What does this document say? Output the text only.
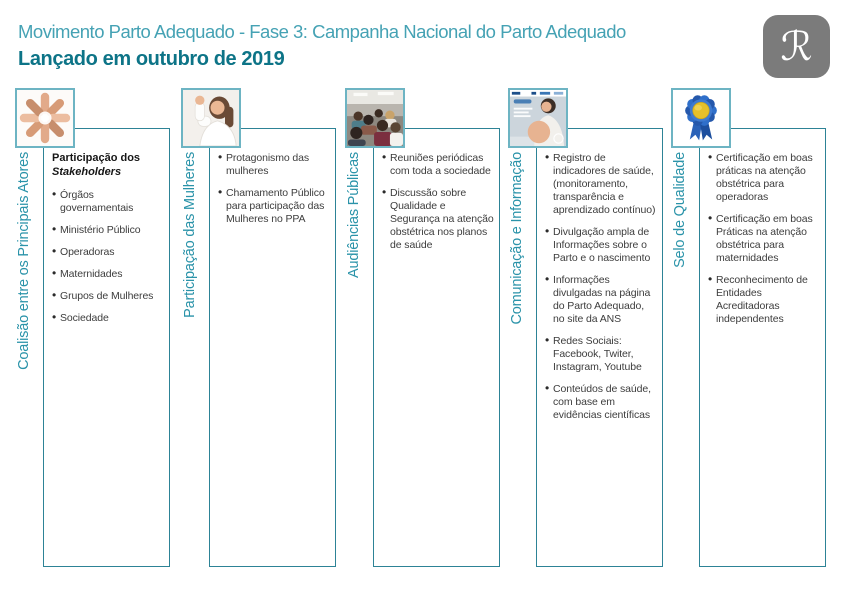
Movimento Parto Adequado - Fase 3: Campanha Nacional do Parto Adequado
Lançado em outubro de 2019	ℛ
Participação dos
Stakeholders
• Órgãos governamentais
• Ministério Público
• Operadoras
• Maternidades
• Grupos de Mulheres
• Sociedade
Coalisão entre os Principais Atores	• Protagonismo das mulheres
• Chamamento Público para participação das Mulheres no PPA
Participação das Mulheres	• Reuniões periódicas com toda a sociedade
• Discussão sobre Qualidade e Segurança na atenção obstétrica nos planos de saúde
Audiências Públicas	• Registro de indicadores de saúde, (monitoramento, transparência e aprendizado contínuo)
• Divulgação ampla de Informações sobre o Parto e o nascimento
• Informações divulgadas na página do Parto Adequado, no site da ANS
• Redes Sociais: Facebook, Twiter, Instagram, Youtube
• Conteúdos de saúde, com base em evidências científicas
Comunicação e Informação	• Certificação em boas práticas na atenção obstétrica para operadoras
• Certificação em boas Práticas na atenção obstétrica para maternidades
• Reconhecimento de Entidades Acreditadoras independentes
Selo de Qualidade
